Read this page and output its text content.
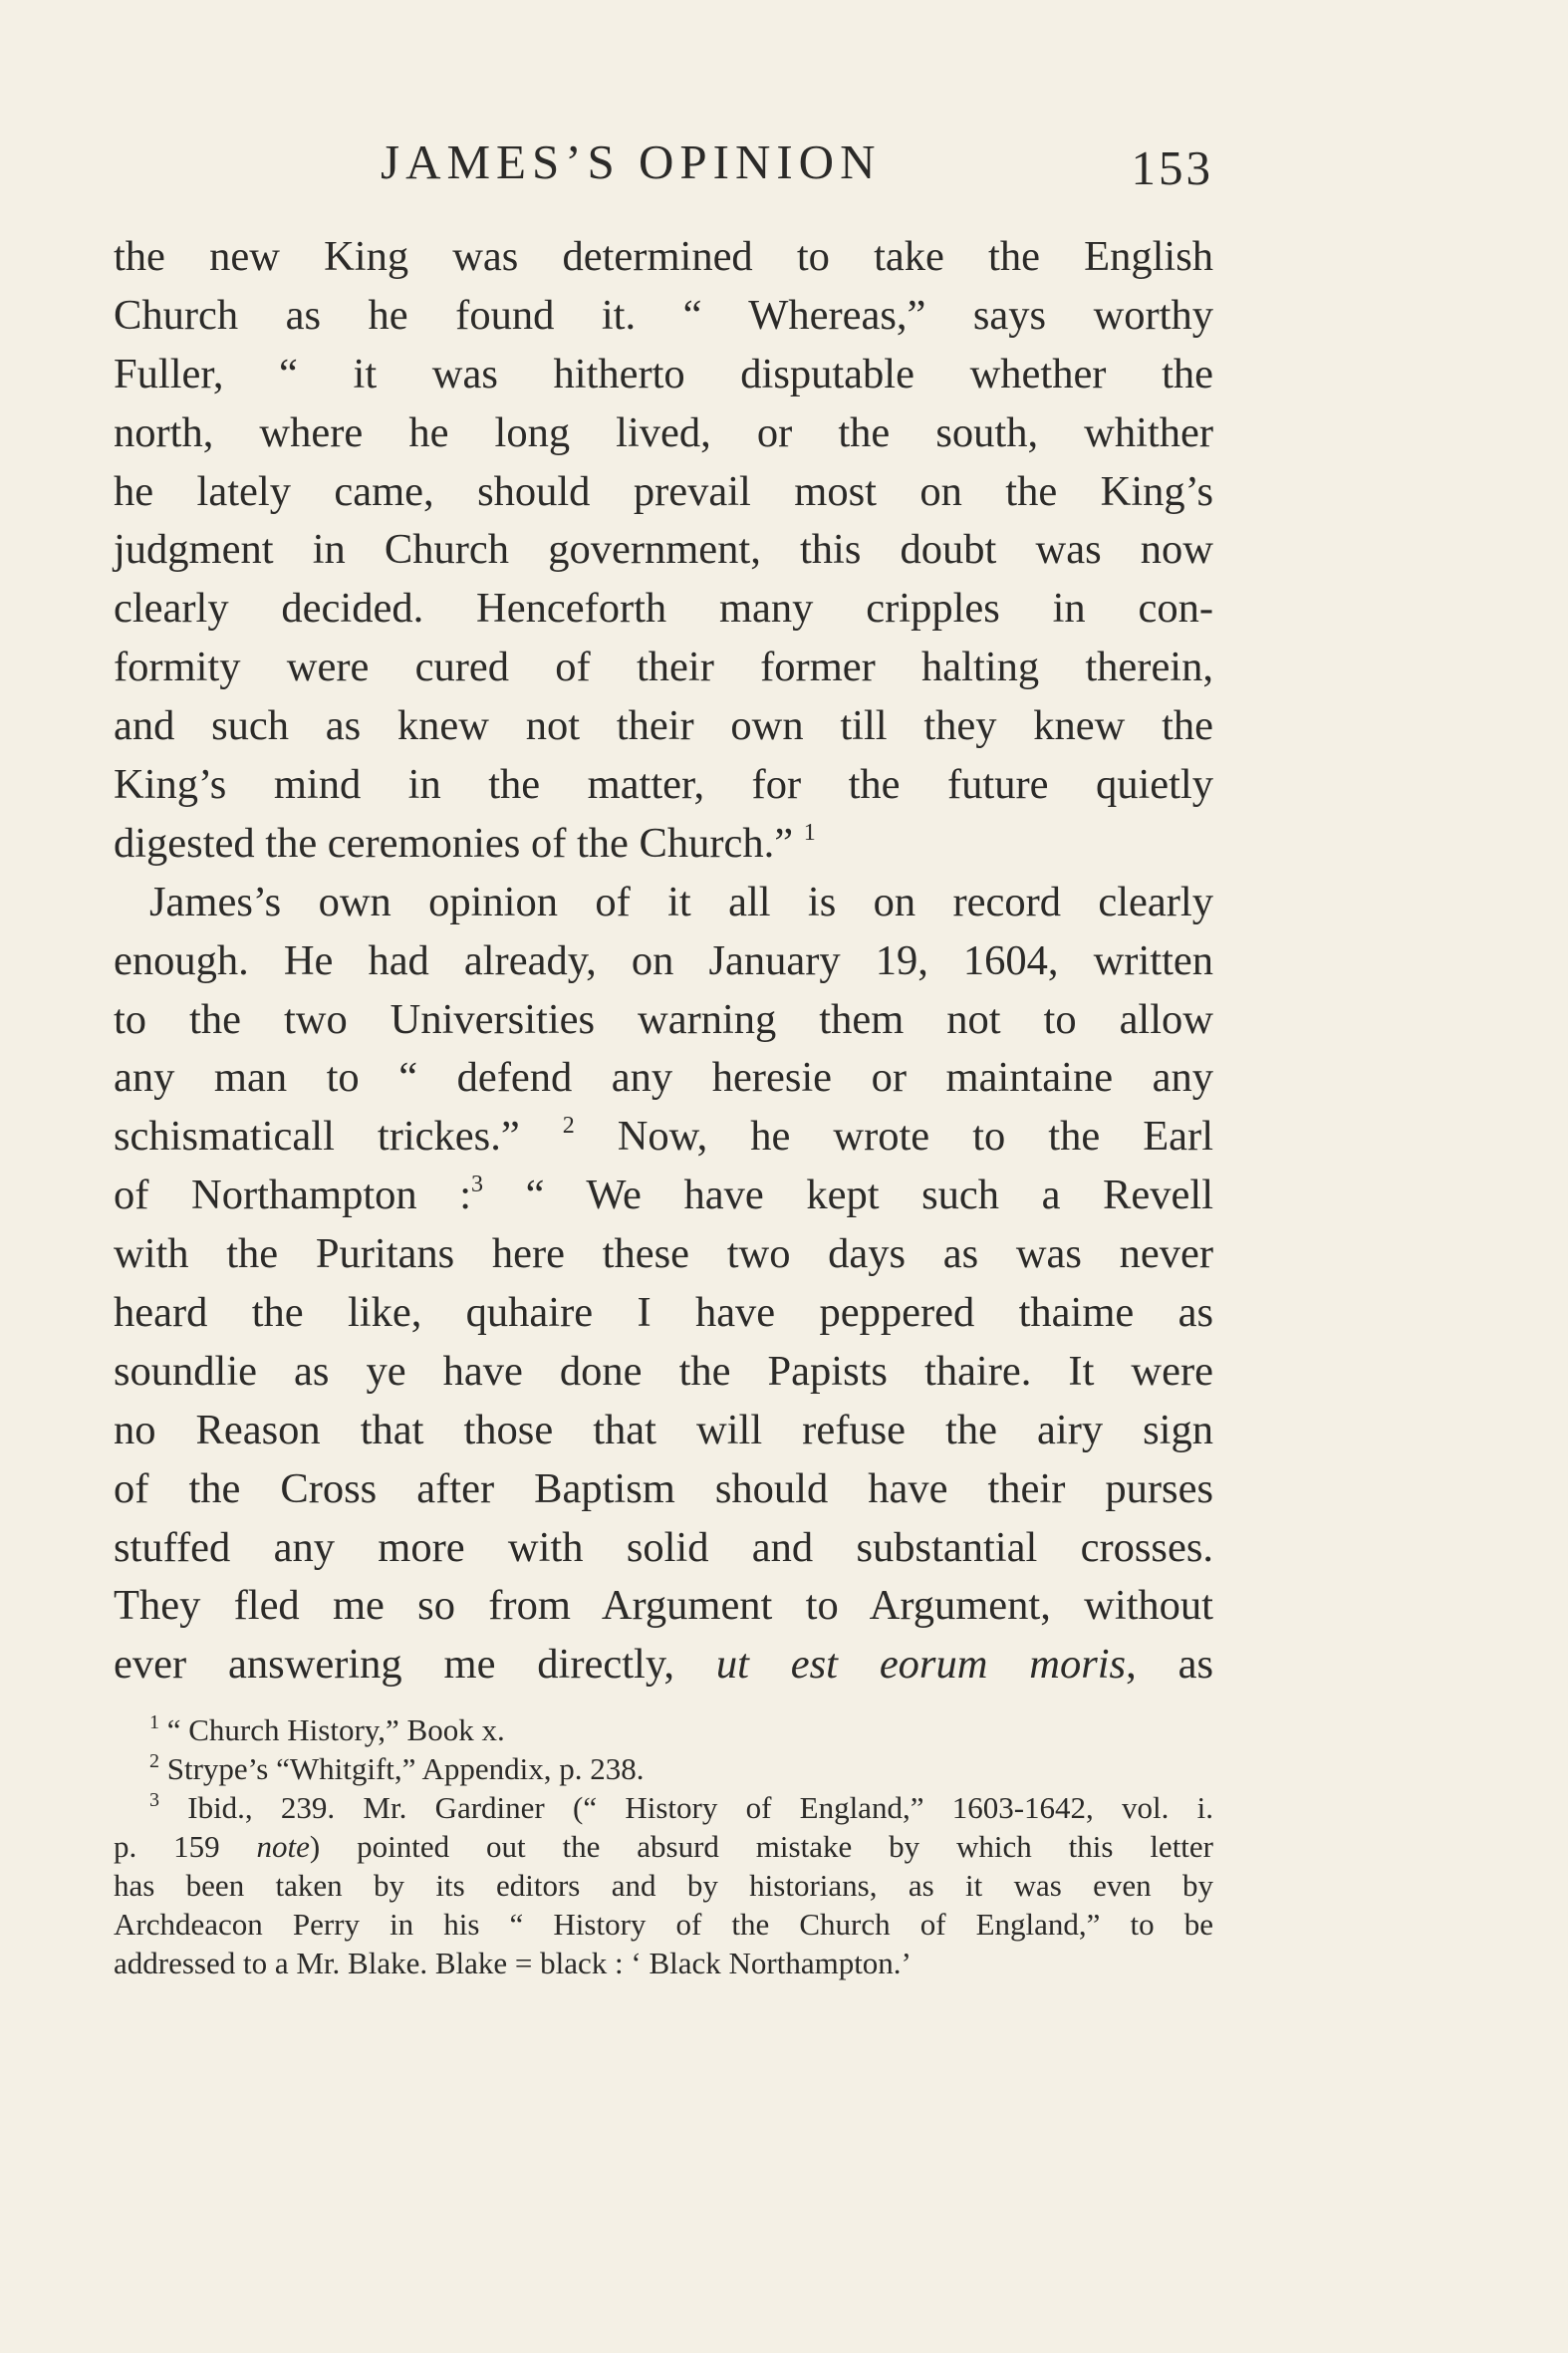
JAMES’S OPINION	153
the new King was determined to take the English
Church as he found it. “ Whereas,” says worthy
Fuller, “ it was hitherto disputable whether the
north, where he long lived, or the south, whither
he lately came, should prevail most on the King’s
judgment in Church government, this doubt was now
clearly decided. Henceforth many cripples in con-
formity were cured of their former halting therein,
and such as knew not their own till they knew the
King’s mind in the matter, for the future quietly
digested the ceremonies of the Church.” $^1$
James’s own opinion of it all is on record clearly
enough. He had already, on January 19, 1604, written
to the two Universities warning them not to allow
any man to “ defend any heresie or maintaine any
schismaticall trickes.” $^2$ Now, he wrote to the Earl
of Northampton :$^3$ “ We have kept such a Revell
with the Puritans here these two days as was never
heard the like, quhaire I have peppered thaime as
soundlie as ye have done the Papists thaire. It were
no Reason that those that will refuse the airy sign
of the Cross after Baptism should have their purses
stuffed any more with solid and substantial crosses.
They fled me so from Argument to Argument, without
ever answering me directly, ut est eorum moris, as
$^1$ “ Church History,” Book x.
$^2$ Strype’s “Whitgift,” Appendix, p. 238.
$^3$ Ibid., 239. Mr. Gardiner (“ History of England,” 1603-1642, vol. i.
p. 159 note) pointed out the absurd mistake by which this letter
has been taken by its editors and by historians, as it was even by
Archdeacon Perry in his “ History of the Church of England,” to be
addressed to a Mr. Blake. Blake = black : ‘ Black Northampton.’
